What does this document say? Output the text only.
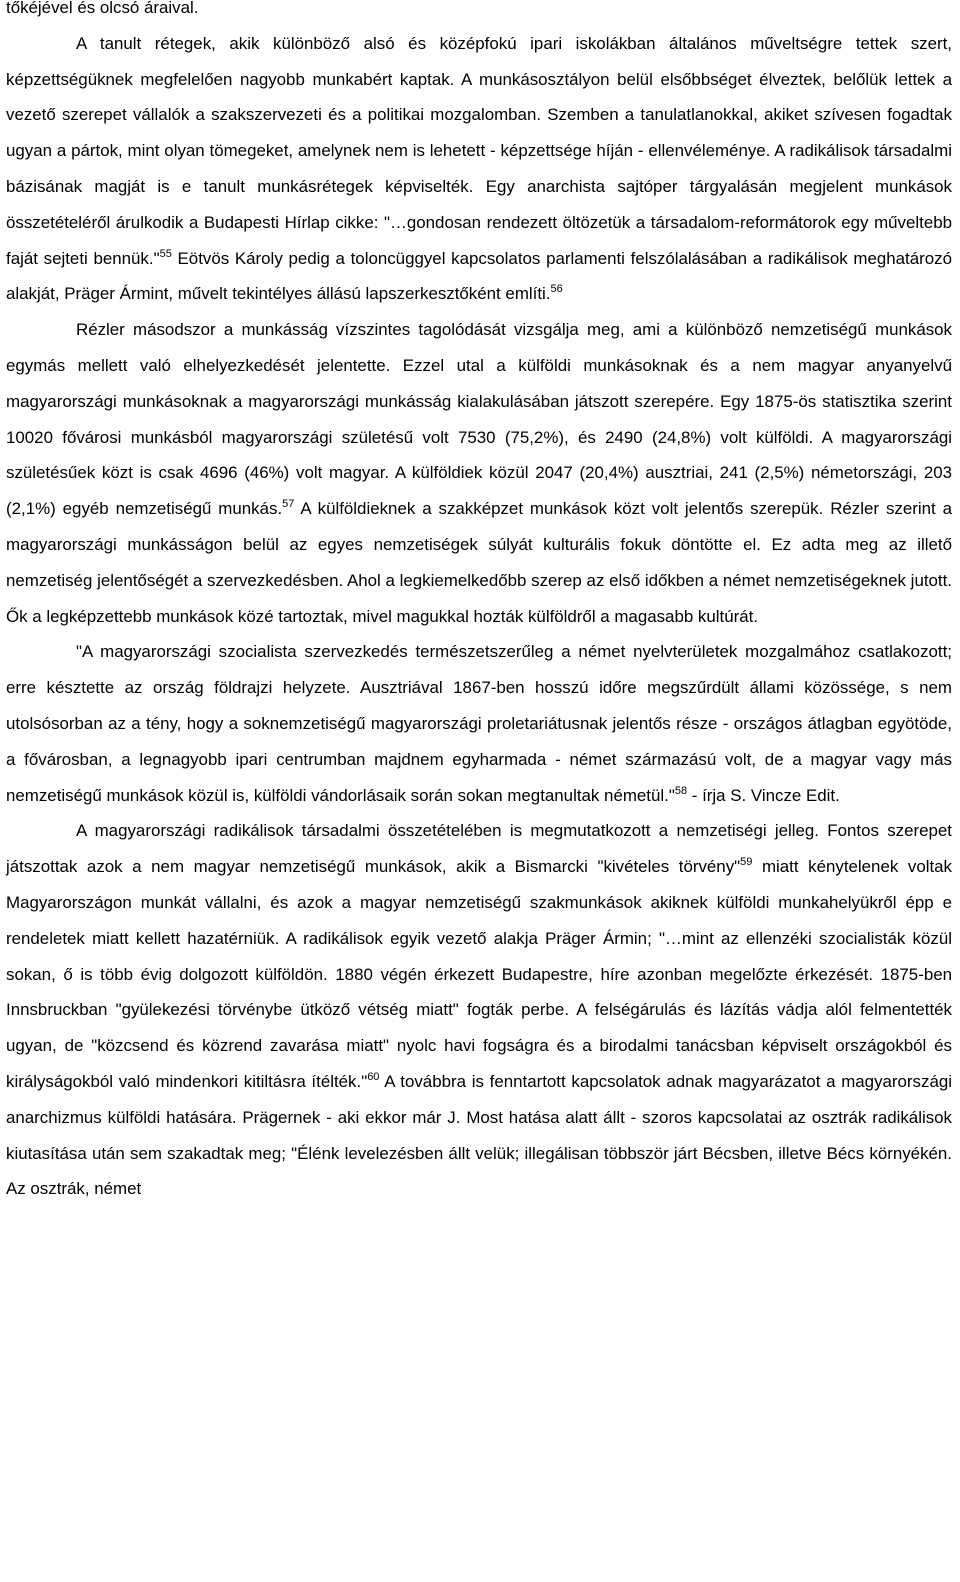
tőkéjével és olcsó áraival.

A tanult rétegek, akik különböző alsó és középfokú ipari iskolákban általános műveltségre tettek szert, képzettségüknek megfelelően nagyobb munkabért kaptak. A munkásosztályon belül elsőbbséget élveztek, belőlük lettek a vezető szerepet vállalók a szakszervezeti és a politikai mozgalomban. Szemben a tanulatlanokkal, akiket szívesen fogadtak ugyan a pártok, mint olyan tömegeket, amelynek nem is lehetett - képzettsége híján - ellenvéleménye. A radikálisok társadalmi bázisának magját is e tanult munkásrétegek képviselték. Egy anarchista sajtóper tárgyalásán megjelent munkások összetételéről árulkodik a Budapesti Hírlap cikke: "…gondosan rendezett öltözetük a társadalom-reformátorok egy műveltebb faját sejteti bennük."$^{55}$ Eötvös Károly pedig a toloncüggyel kapcsolatos parlamenti felszólalásában a radikálisok meghatározó alakját, Präger Ármint, művelt tekintélyes állású lapszerkesztőként említi.$^{56}$

Rézler másodszor a munkásság vízszintes tagolódását vizsgálja meg, ami a különböző nemzetiségű munkások egymás mellett való elhelyezkedését jelentette. Ezzel utal a külföldi munkásoknak és a nem magyar anyanyelvű magyarországi munkásoknak a magyarországi munkásság kialakulásában játszott szerepére. Egy 1875-ös statisztika szerint 10020 fővárosi munkásból magyarországi születésű volt 7530 (75,2%), és 2490 (24,8%) volt külföldi. A magyarországi születésűek közt is csak 4696 (46%) volt magyar. A külföldiek közül 2047 (20,4%) ausztriai, 241 (2,5%) németországi, 203 (2,1%) egyéb nemzetiségű munkás.$^{57}$ A külföldieknek a szakképzet munkások közt volt jelentős szerepük. Rézler szerint a magyarországi munkásságon belül az egyes nemzetiségek súlyát kulturális fokuk döntötte el. Ez adta meg az illető nemzetiség jelentőségét a szervezkedésben. Ahol a legkiemelkedőbb szerep az első időkben a német nemzetiségeknek jutott. Ők a legképzettebb munkások közé tartoztak, mivel magukkal hozták külföldről a magasabb kultúrát.

"A magyarországi szocialista szervezkedés természetszerűleg a német nyelvterületek mozgalmához csatlakozott; erre késztette az ország földrajzi helyzete. Ausztriával 1867-ben hosszú időre megszűrdült állami közössége, s nem utolsósorban az a tény, hogy a soknemzetiségű magyarországi proletariátusnak jelentős része - országos átlagban egyötöde, a fővárosban, a legnagyobb ipari centrumban majdnem egyharmada - német származású volt, de a magyar vagy más nemzetiségű munkások közül is, külföldi vándorlásaik során sokan megtanultak németül."$^{58}$ - írja S. Vincze Edit.

A magyarországi radikálisok társadalmi összetételében is megmutatkozott a nemzetiségi jelleg. Fontos szerepet játszottak azok a nem magyar nemzetiségű munkások, akik a Bismarcki "kivételes törvény"$^{59}$ miatt kénytelenek voltak Magyarországon munkát vállalni, és azok a magyar nemzetiségű szakmunkások akiknek külföldi munkahelyükről épp e rendeletek miatt kellett hazatérniük. A radikálisok egyik vezető alakja Präger Ármin; "…mint az ellenzéki szocialisták közül sokan, ő is több évig dolgozott külföldön. 1880 végén érkezett Budapestre, híre azonban megelőzte érkezését. 1875-ben Innsbruckban "gyülekezési törvénybe ütköző vétség miatt" fogták perbe. A felségárulás és lázítás vádja alól felmentették ugyan, de "közcsend és közrend zavarása miatt" nyolc havi fogságra és a birodalmi tanácsban képviselt országokból és királyságokból való mindenkori kitiltásra ítélték."$^{60}$ A továbbra is fenntartott kapcsolatok adnak magyarázatot a magyarországi anarchizmus külföldi hatására. Prägernek - aki ekkor már J. Most hatása alatt állt - szoros kapcsolatai az osztrák radikálisok kiutasítása után sem szakadtak meg; "Élénk levelezésben állt velük; illegálisan többször járt Bécsben, illetve Bécs környékén. Az osztrák, német
